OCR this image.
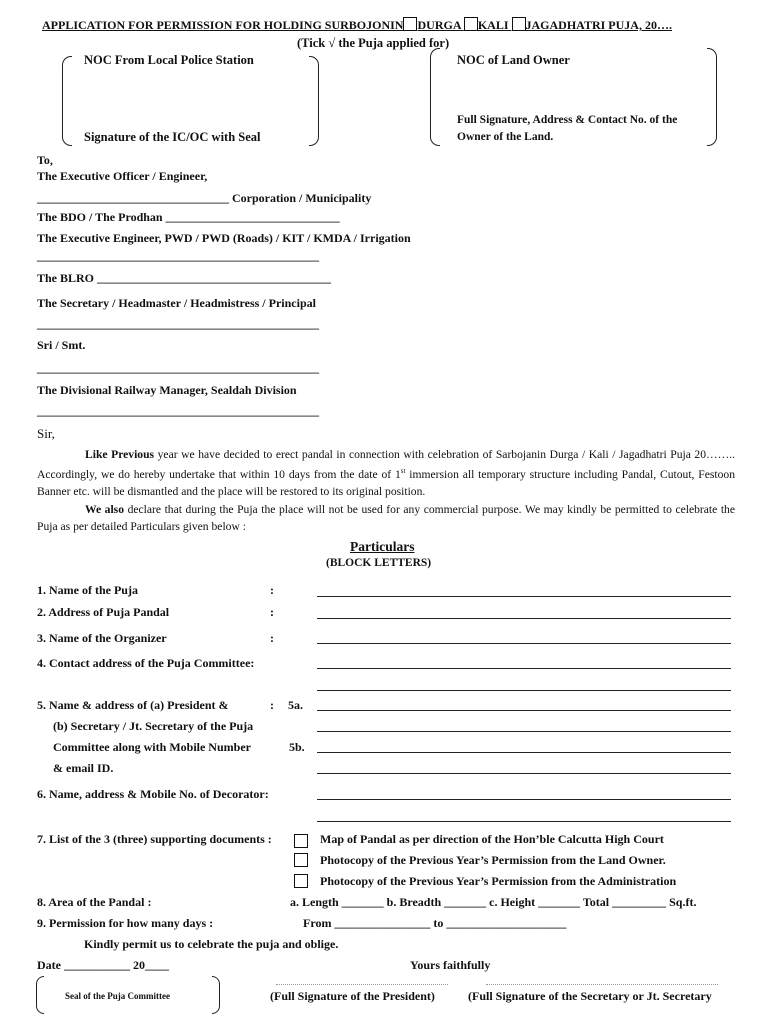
APPLICATION FOR PERMISSION FOR HOLDING SURBOJONIN DURGA KALI JAGADHATRI PUJA, 20….
(Tick √ the Puja applied for)
NOC From Local Police Station
Signature of the IC/OC with Seal
NOC of Land Owner
Full Signature, Address & Contact No. of the
Owner of the Land.
To,
The Executive Officer / Engineer,
________________________________ Corporation / Municipality
The BDO / The Prodhan _____________________________
The Executive Engineer, PWD / PWD (Roads) / KIT / KMDA / Irrigation
_______________________________________________
The BLRO _______________________________________
The Secretary / Headmaster / Headmistress / Principal
_______________________________________________
Sri / Smt.
_______________________________________________
The Divisional Railway Manager, Sealdah Division
_______________________________________________
Sir,
Like Previous year we have decided to erect pandal in connection with celebration of Sarbojanin Durga / Kali / Jagadhatri Puja 20…….. Accordingly, we do hereby undertake that within 10 days from the date of 1st immersion all temporary structure including Pandal, Cutout, Festoon Banner etc. will be dismantled and the place will be restored to its original position.
We also declare that during the Puja the place will not be used for any commercial purpose. We may kindly be permitted to celebrate the Puja as per detailed Particulars given below :
Particulars
(BLOCK LETTERS)
1. Name of the Puja	:
2. Address of Puja Pandal	:
3. Name of the Organizer	:
4. Contact address of the Puja Committee:
5. Name & address of (a) President &	: 5a.
(b) Secretary / Jt. Secretary of the Puja
Committee along with Mobile Number	5b.
& email ID.
6. Name, address & Mobile No. of Decorator:
7. List of the 3 (three) supporting documents :	Map of Pandal as per direction of the Hon’ble Calcutta High Court
Photocopy of the Previous Year’s Permission from the Land Owner.
Photocopy of the Previous Year’s Permission from the Administration
8. Area of the Pandal :	a. Length _______ b. Breadth _______ c. Height _______ Total _________ Sq.ft.
9. Permission for how many days :	From ________________ to ____________________
Kindly permit us to celebrate the puja and oblige.
Date ___________ 20____	Yours faithfully
Seal of the Puja Committee	(Full Signature of the President)	(Full Signature of the Secretary or Jt. Secretary
